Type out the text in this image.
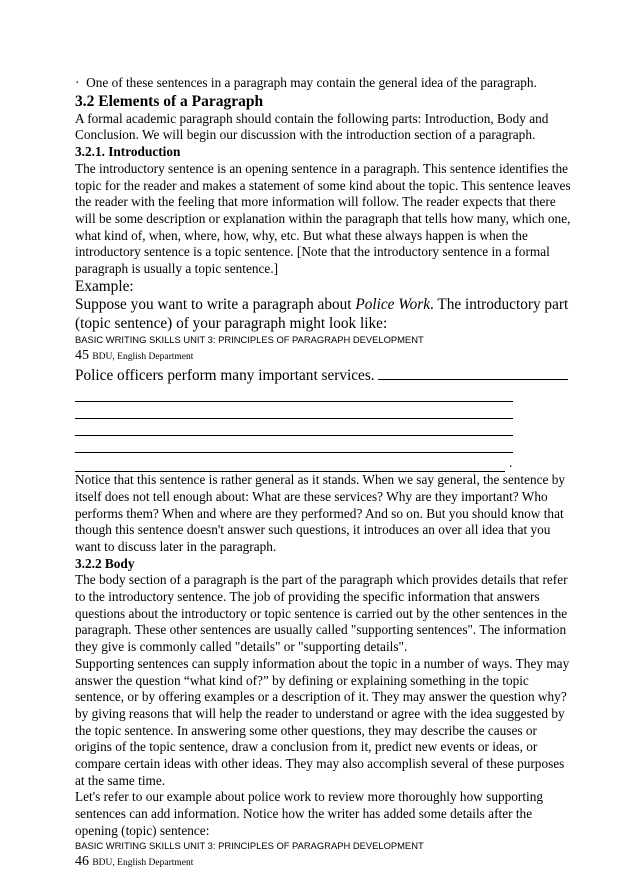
· One of these sentences in a paragraph may contain the general idea of the paragraph.

3.2 Elements of a Paragraph

A formal academic paragraph should contain the following parts: Introduction, Body and Conclusion. We will begin our discussion with the introduction section of a paragraph.

3.2.1. Introduction

The introductory sentence is an opening sentence in a paragraph. This sentence identifies the topic for the reader and makes a statement of some kind about the topic. This sentence leaves the reader with the feeling that more information will follow. The reader expects that there will be some description or explanation within the paragraph that tells how many, which one, what kind of, when, where, how, why, etc. But what these always happen is when the introductory sentence is a topic sentence. [Note that the introductory sentence in a formal paragraph is usually a topic sentence.]

Example:

Suppose you want to write a paragraph about Police Work. The introductory part (topic sentence) of your paragraph might look like:

BASIC WRITING SKILLS UNIT 3: PRINCIPLES OF PARAGRAPH DEVELOPMENT

45 BDU, English Department

Police officers perform many important services.

.

Notice that this sentence is rather general as it stands. When we say general, the sentence by itself does not tell enough about: What are these services? Why are they important? Who performs them? When and where are they performed? And so on. But you should know that though this sentence doesn't answer such questions, it introduces an over all idea that you want to discuss later in the paragraph.

3.2.2 Body

The body section of a paragraph is the part of the paragraph which provides details that refer to the introductory sentence. The job of providing the specific information that answers questions about the introductory or topic sentence is carried out by the other sentences in the paragraph. These other sentences are usually called "supporting sentences". The information they give is commonly called "details" or "supporting details".

Supporting sentences can supply information about the topic in a number of ways. They may answer the question “what kind of?” by defining or explaining something in the topic sentence, or by offering examples or a description of it. They may answer the question why? by giving reasons that will help the reader to understand or agree with the idea suggested by the topic sentence. In answering some other questions, they may describe the causes or origins of the topic sentence, draw a conclusion from it, predict new events or ideas, or compare certain ideas with other ideas. They may also accomplish several of these purposes at the same time.

Let's refer to our example about police work to review more thoroughly how supporting sentences can add information. Notice how the writer has added some details after the opening (topic) sentence:

BASIC WRITING SKILLS UNIT 3: PRINCIPLES OF PARAGRAPH DEVELOPMENT

46 BDU, English Department
